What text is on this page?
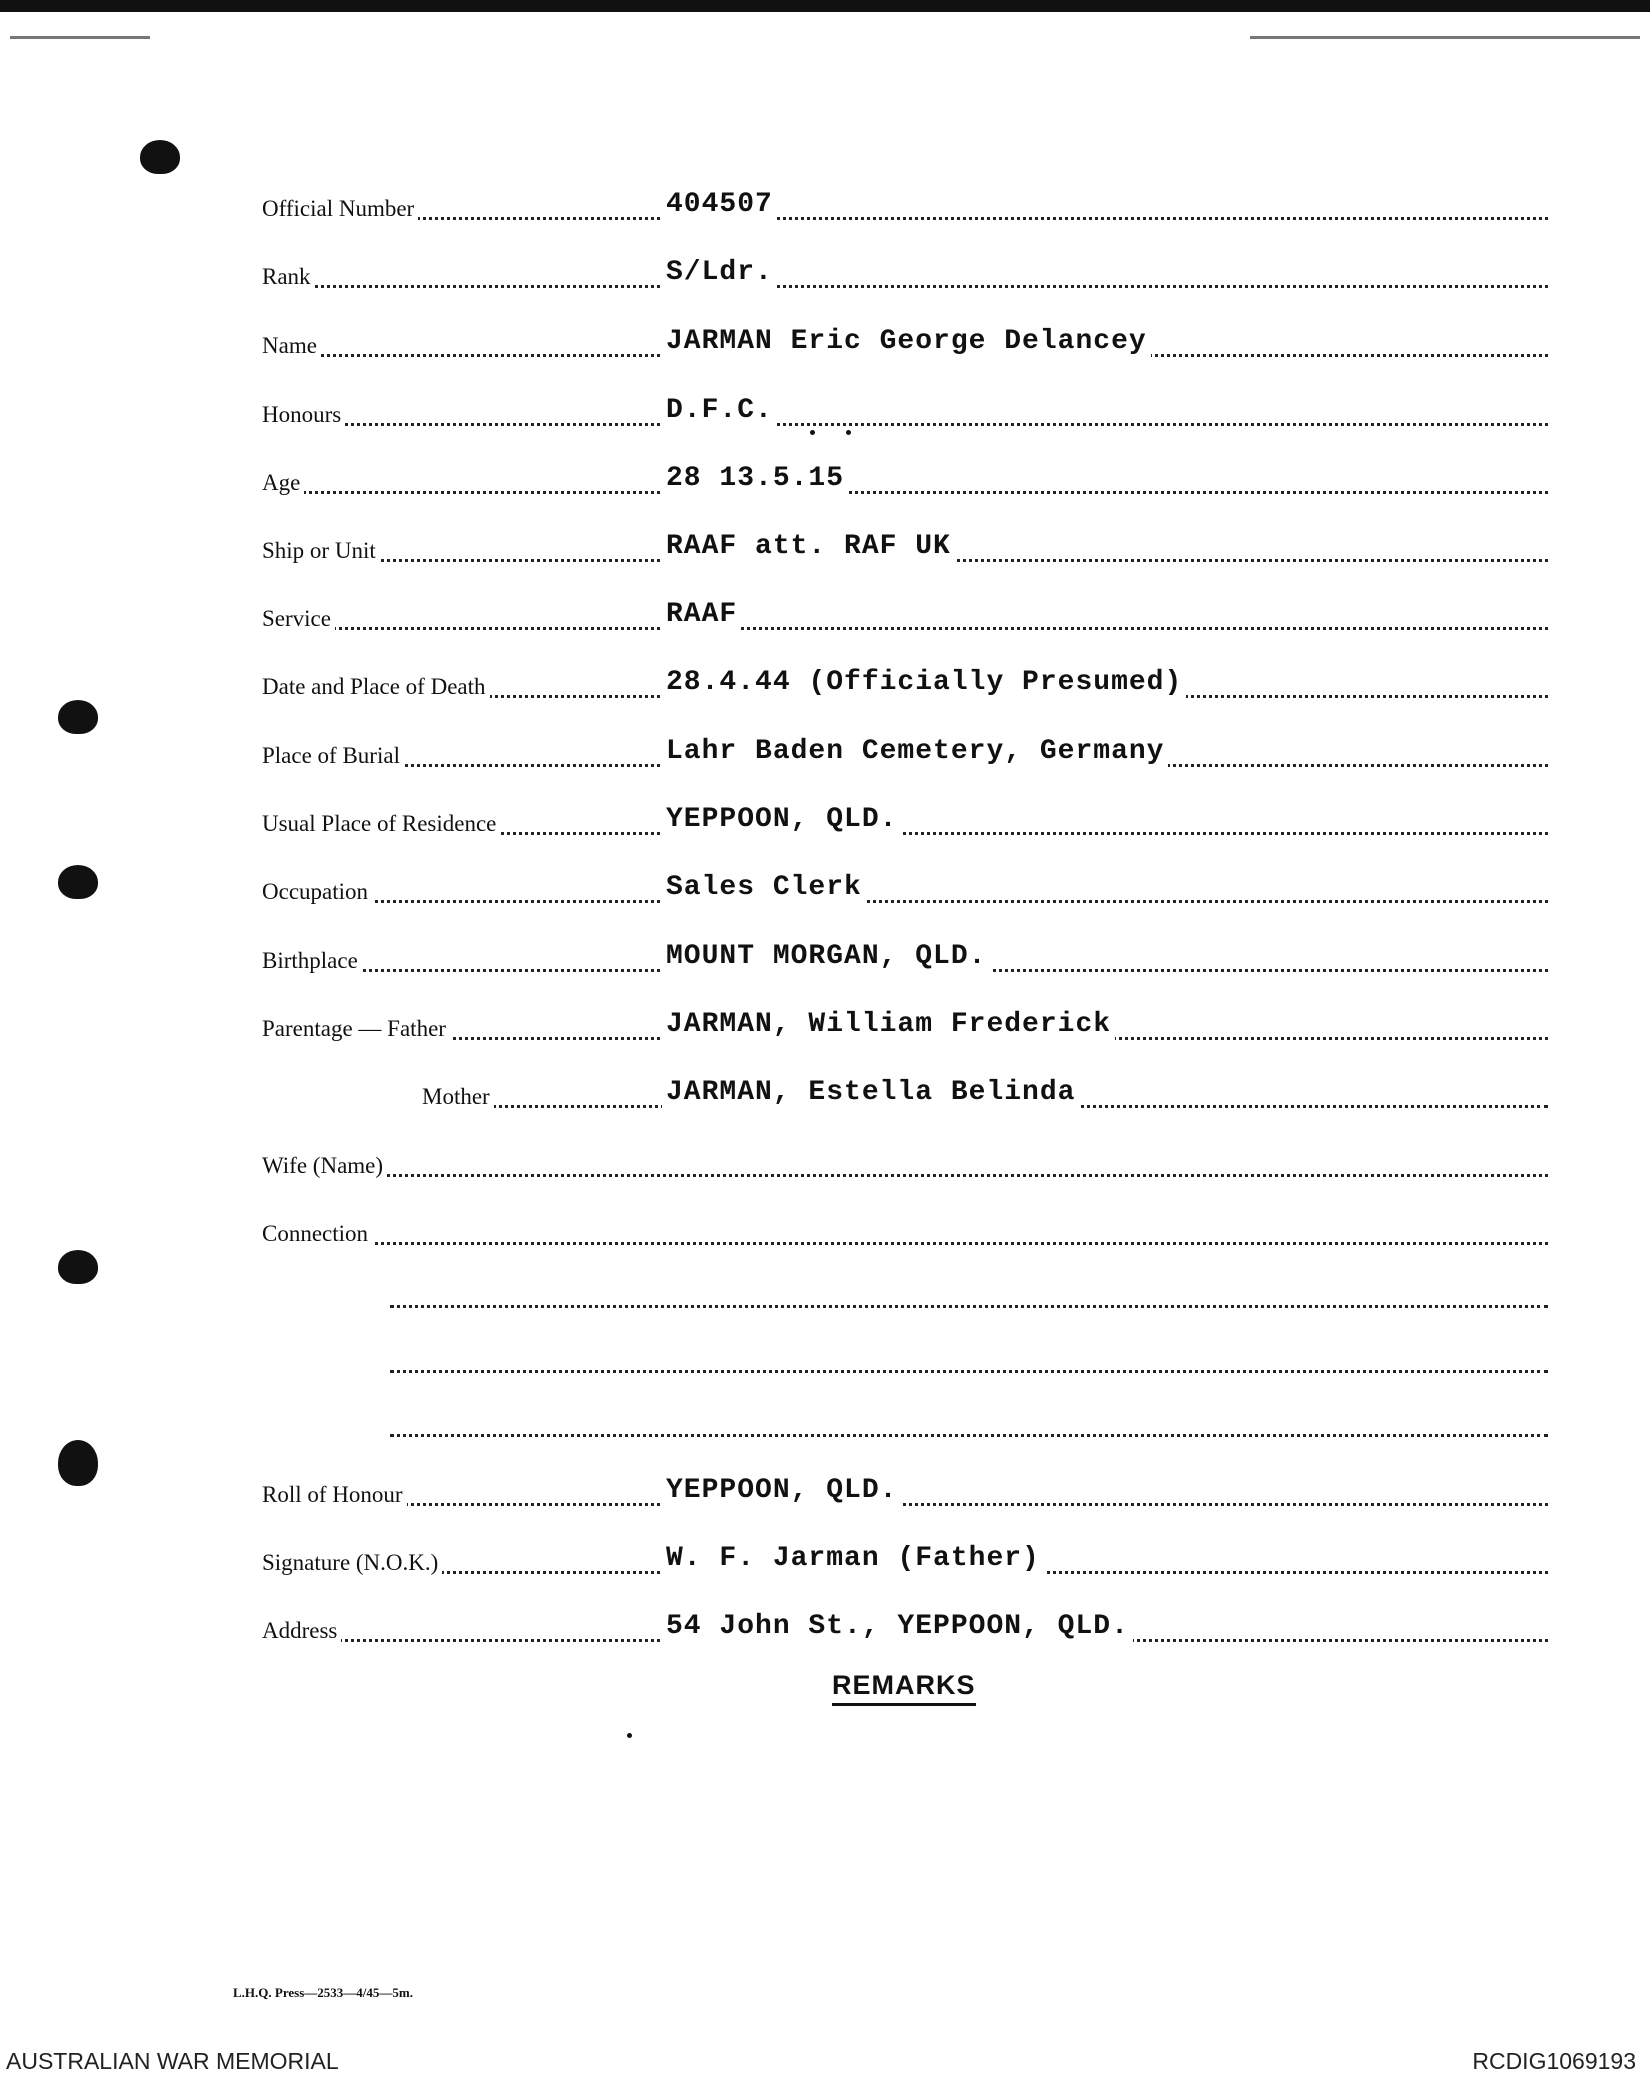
Official Number	404507
Rank	S/Ldr.
Name	JARMAN Eric George Delancey
Honours	D.F.C.
Age	28 13.5.15
Ship or Unit	RAAF att. RAF UK
Service	RAAF
Date and Place of Death	28.4.44 (Officially Presumed)
Place of Burial	Lahr Baden Cemetery, Germany
Usual Place of Residence	YEPPOON, QLD.
Occupation	Sales Clerk
Birthplace	MOUNT MORGAN, QLD.
Parentage — Father	JARMAN, William Frederick
Mother	JARMAN, Estella Belinda
Wife (Name)
Connection
Roll of Honour	YEPPOON, QLD.
Signature (N.O.K.)	W. F. Jarman (Father)
Address	54 John St., YEPPOON, QLD.
REMARKS
L.H.Q. Press—2533—4/45—5m.
AUSTRALIAN WAR MEMORIAL	RCDIG1069193
